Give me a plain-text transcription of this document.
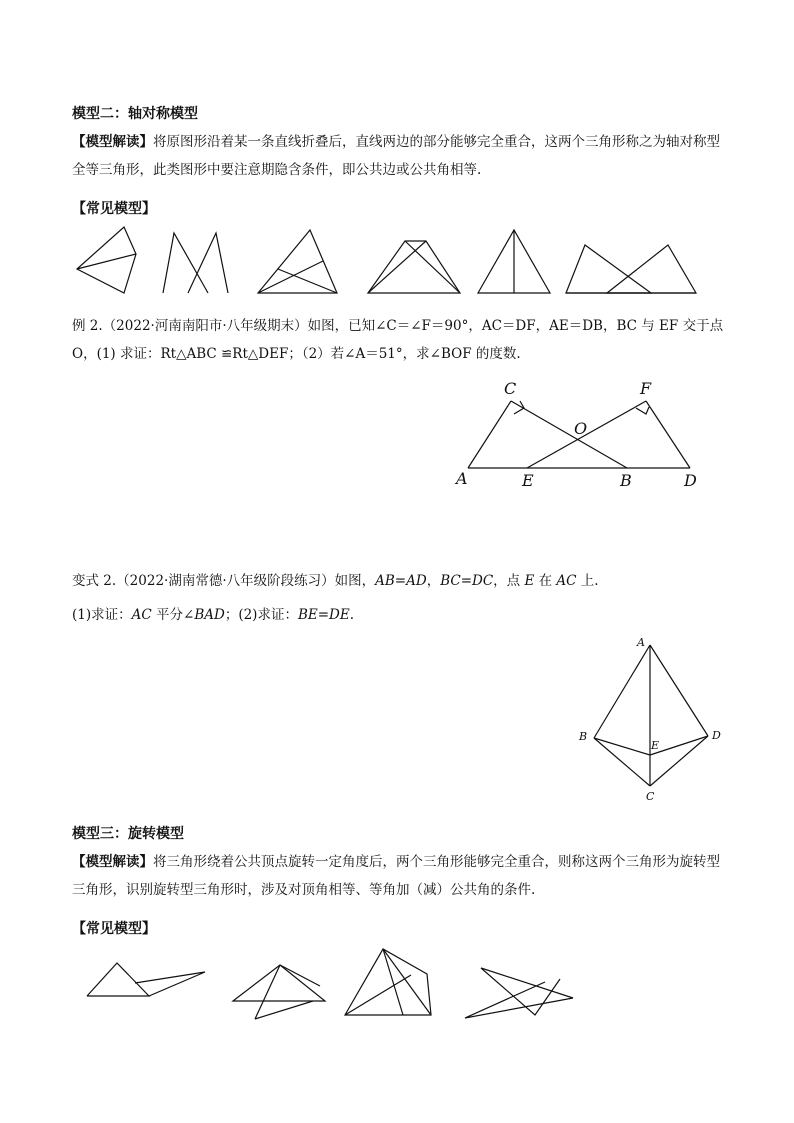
模型二：轴对称模型
【模型解读】将原图形沿着某一条直线折叠后，直线两边的部分能够完全重合，这两个三角形称之为轴对称型全等三角形，此类图形中要注意期隐含条件，即公共边或公共角相等.
【常见模型】
例 2.（2022·河南南阳市·八年级期末）如图，已知∠C＝∠F＝90°，AC＝DF，AE＝DB，BC 与 EF 交于点
O，(1) 求证：Rt△ABC ≌Rt△DEF；（2）若∠A＝51°，求∠BOF 的度数.
C	F
O
A	E	B	D
变式 2.（2022·湖南常德·八年级阶段练习）如图，AB=AD，BC=DC，点 E 在 AC 上.
(1)求证：AC 平分∠BAD；(2)求证：BE=DE.
A
B
E
D
C
模型三：旋转模型
【模型解读】将三角形绕着公共顶点旋转一定角度后，两个三角形能够完全重合，则称这两个三角形为旋转型三角形，识别旋转型三角形时，涉及对顶角相等、等角加（减）公共角的条件.
【常见模型】
